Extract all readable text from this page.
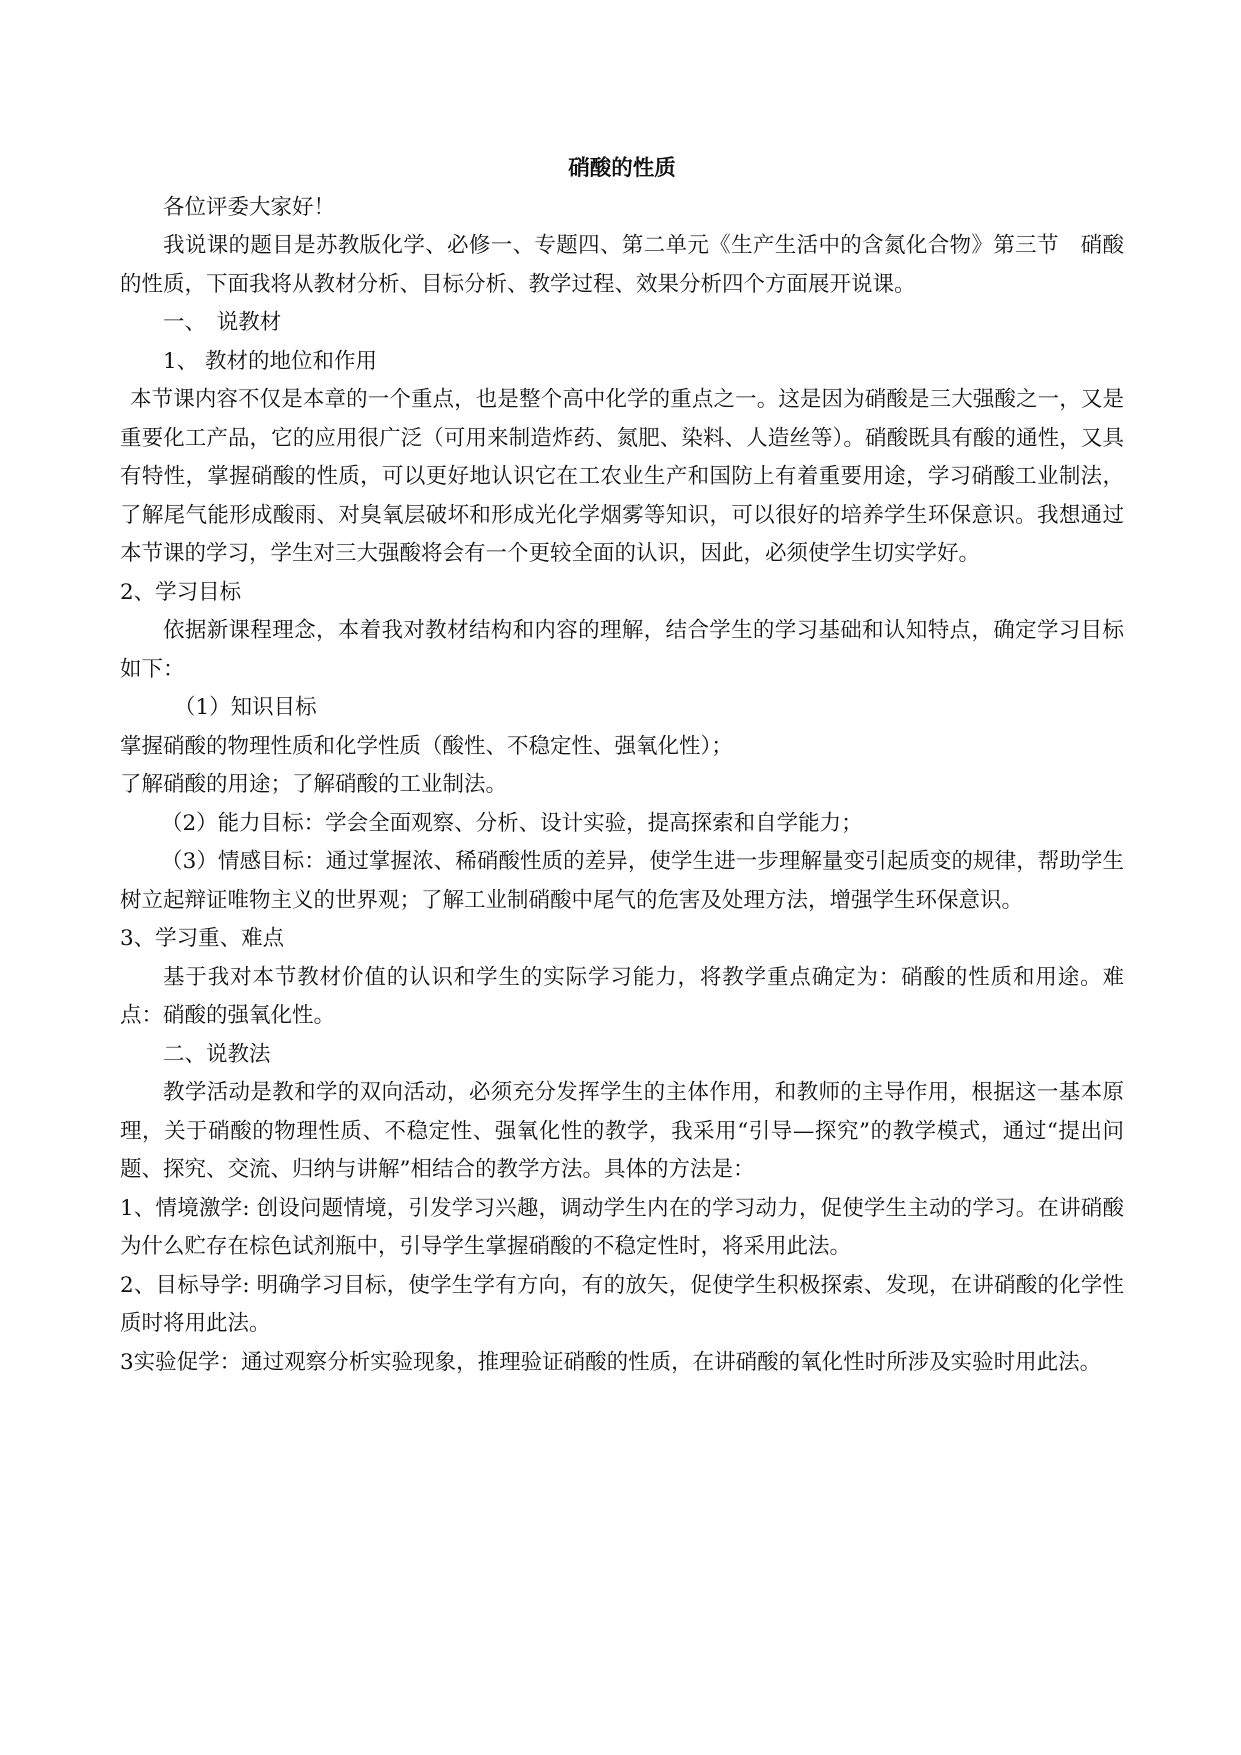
硝酸的性质

各位评委大家好！

我说课的题目是苏教版化学、必修一、专题四、第二单元《生产生活中的含氮化合物》第三节　硝酸的性质，下面我将从教材分析、目标分析、教学过程、效果分析四个方面展开说课。

一、　说教材

1、 教材的地位和作用

本节课内容不仅是本章的一个重点，也是整个高中化学的重点之一。这是因为硝酸是三大强酸之一，又是重要化工产品，它的应用很广泛（可用来制造炸药、氮肥、染料、人造丝等）。硝酸既具有酸的通性，又具有特性，掌握硝酸的性质，可以更好地认识它在工农业生产和国防上有着重要用途，学习硝酸工业制法，了解尾气能形成酸雨、对臭氧层破坏和形成光化学烟雾等知识，可以很好的培养学生环保意识。我想通过本节课的学习，学生对三大强酸将会有一个更较全面的认识，因此，必须使学生切实学好。

2、学习目标

依据新课程理念，本着我对教材结构和内容的理解，结合学生的学习基础和认知特点，确定学习目标如下：

（1）知识目标

掌握硝酸的物理性质和化学性质（酸性、不稳定性、强氧化性）；

了解硝酸的用途；了解硝酸的工业制法。

（2）能力目标：学会全面观察、分析、设计实验，提高探索和自学能力；

（3）情感目标：通过掌握浓、稀硝酸性质的差异，使学生进一步理解量变引起质变的规律，帮助学生树立起辩证唯物主义的世界观；了解工业制硝酸中尾气的危害及处理方法，增强学生环保意识。

3、学习重、难点

基于我对本节教材价值的认识和学生的实际学习能力，将教学重点确定为：硝酸的性质和用途。难点：硝酸的强氧化性。

二、说教法

教学活动是教和学的双向活动，必须充分发挥学生的主体作用，和教师的主导作用，根据这一基本原理，关于硝酸的物理性质、不稳定性、强氧化性的教学，我采用“引导—探究”的教学模式，通过“提出问题、探究、交流、归纳与讲解”相结合的教学方法。具体的方法是：

1、情境激学: 创设问题情境，引发学习兴趣，调动学生内在的学习动力，促使学生主动的学习。在讲硝酸为什么贮存在棕色试剂瓶中，引导学生掌握硝酸的不稳定性时，将采用此法。

2、目标导学: 明确学习目标，使学生学有方向，有的放矢，促使学生积极探索、发现，在讲硝酸的化学性质时将用此法。

3实验促学：通过观察分析实验现象，推理验证硝酸的性质，在讲硝酸的氧化性时所涉及实验时用此法。
